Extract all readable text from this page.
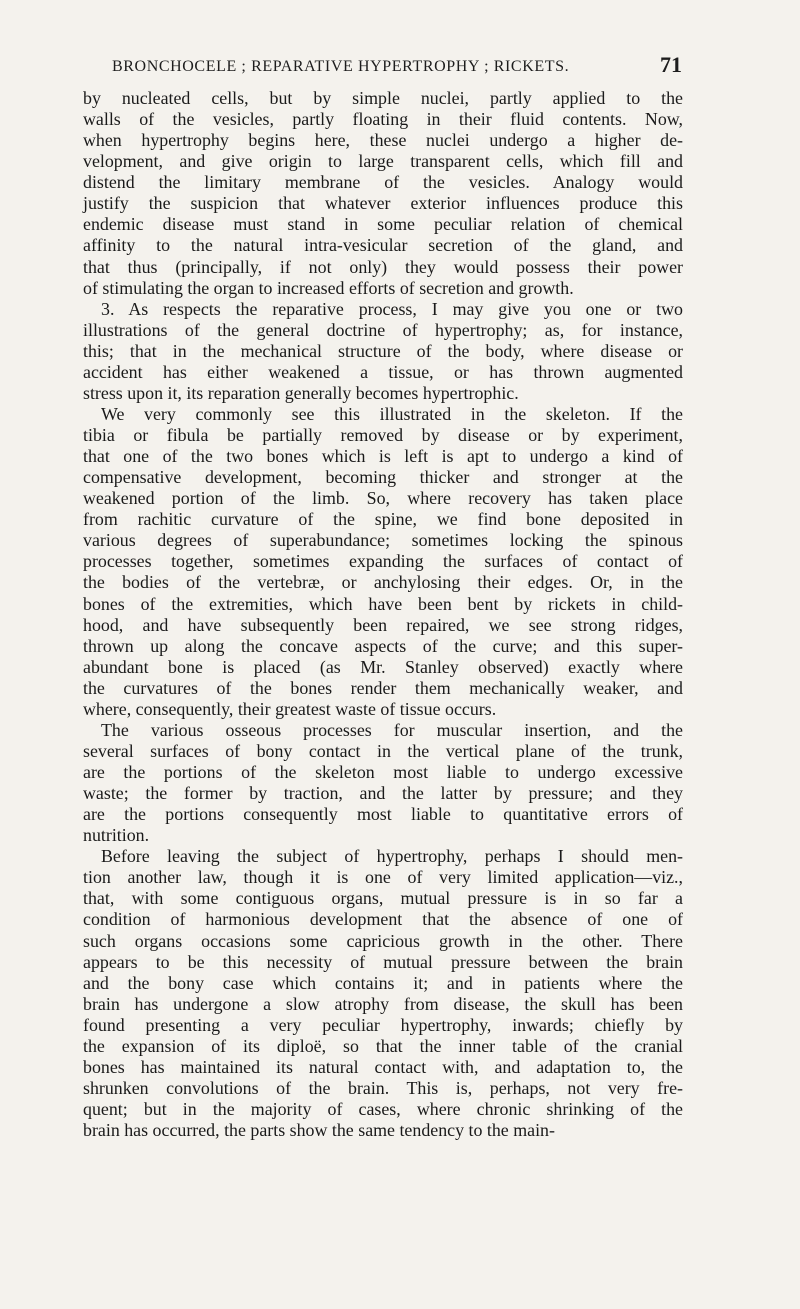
BRONCHOCELE ; REPARATIVE HYPERTROPHY ; RICKETS.	71

by nucleated cells, but by simple nuclei, partly applied to the
walls of the vesicles, partly floating in their fluid contents. Now,
when hypertrophy begins here, these nuclei undergo a higher de-
velopment, and give origin to large transparent cells, which fill and
distend the limitary membrane of the vesicles. Analogy would
justify the suspicion that whatever exterior influences produce this
endemic disease must stand in some peculiar relation of chemical
affinity to the natural intra-vesicular secretion of the gland, and
that thus (principally, if not only) they would possess their power
of stimulating the organ to increased efforts of secretion and growth.

3. As respects the reparative process, I may give you one or two
illustrations of the general doctrine of hypertrophy; as, for instance,
this; that in the mechanical structure of the body, where disease or
accident has either weakened a tissue, or has thrown augmented
stress upon it, its reparation generally becomes hypertrophic.

We very commonly see this illustrated in the skeleton. If the
tibia or fibula be partially removed by disease or by experiment,
that one of the two bones which is left is apt to undergo a kind of
compensative development, becoming thicker and stronger at the
weakened portion of the limb. So, where recovery has taken place
from rachitic curvature of the spine, we find bone deposited in
various degrees of superabundance; sometimes locking the spinous
processes together, sometimes expanding the surfaces of contact of
the bodies of the vertebræ, or anchylosing their edges. Or, in the
bones of the extremities, which have been bent by rickets in child-
hood, and have subsequently been repaired, we see strong ridges,
thrown up along the concave aspects of the curve; and this super-
abundant bone is placed (as Mr. Stanley observed) exactly where
the curvatures of the bones render them mechanically weaker, and
where, consequently, their greatest waste of tissue occurs.

The various osseous processes for muscular insertion, and the
several surfaces of bony contact in the vertical plane of the trunk,
are the portions of the skeleton most liable to undergo excessive
waste; the former by traction, and the latter by pressure; and they
are the portions consequently most liable to quantitative errors of
nutrition.

Before leaving the subject of hypertrophy, perhaps I should men-
tion another law, though it is one of very limited application—viz.,
that, with some contiguous organs, mutual pressure is in so far a
condition of harmonious development that the absence of one of
such organs occasions some capricious growth in the other. There
appears to be this necessity of mutual pressure between the brain
and the bony case which contains it; and in patients where the
brain has undergone a slow atrophy from disease, the skull has been
found presenting a very peculiar hypertrophy, inwards; chiefly by
the expansion of its diploë, so that the inner table of the cranial
bones has maintained its natural contact with, and adaptation to, the
shrunken convolutions of the brain. This is, perhaps, not very fre-
quent; but in the majority of cases, where chronic shrinking of the
brain has occurred, the parts show the same tendency to the main-
